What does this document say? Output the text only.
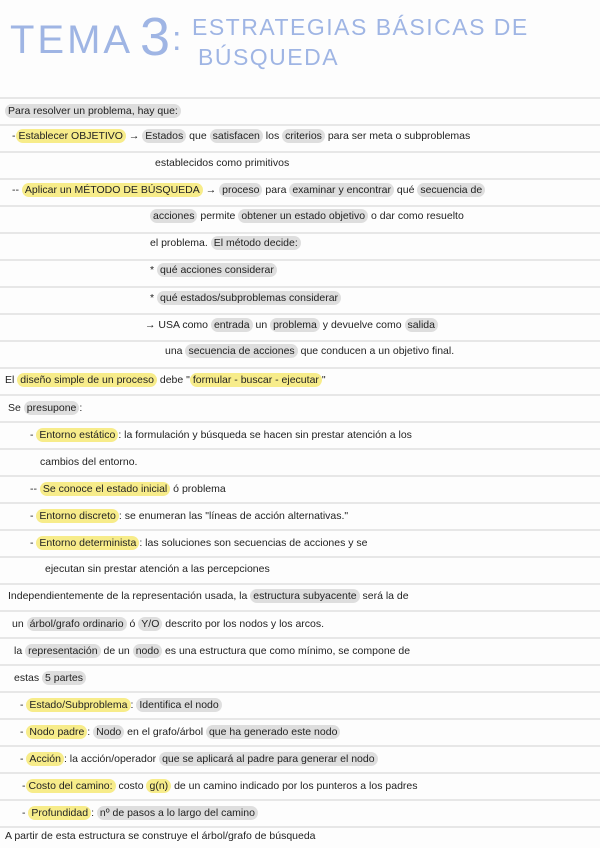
TEMA 3 : ESTRATEGIAS BÁSICAS DE
BÚSQUEDA
Para resolver un problema, hay que:
- Establecer OBJETIVO → Estados que satisfacen los criterios para ser meta o subproblemas
establecidos como primitivos
-- Aplicar un MÉTODO DE BÚSQUEDA → proceso para examinar y encontrar qué secuencia de
acciones permite obtener un estado objetivo o dar como resuelto
el problema. El método decide:
* qué acciones considerar
* qué estados/subproblemas considerar
→ USA como entrada un problema y devuelve como salida
una secuencia de acciones que conducen a un objetivo final.
El diseño simple de un proceso debe " formular - buscar - ejecutar "
Se presupone :
- Entorno estático : la formulación y búsqueda se hacen sin prestar atención a los
cambios del entorno.
-- Se conoce el estado inicial ó problema
- Entorno discreto : se enumeran las "líneas de acción alternativas."
- Entorno determinista : las soluciones son secuencias de acciones y se
ejecutan sin prestar atención a las percepciones
Independientemente de la representación usada, la estructura subyacente será la de
un árbol/grafo ordinario ó Y/O descrito por los nodos y los arcos.
la representación de un nodo es una estructura que como mínimo, se compone de
estas 5 partes
- Estado/Subproblema : Identifica el nodo
- Nodo padre : Nodo en el grafo/árbol que ha generado este nodo
- Acción : la acción/operador que se aplicará al padre para generar el nodo
- Costo del camino: costo g(n) de un camino indicado por los punteros a los padres
- Profundidad : nº de pasos a lo largo del camino
A partir de esta estructura se construye el árbol/grafo de búsqueda
